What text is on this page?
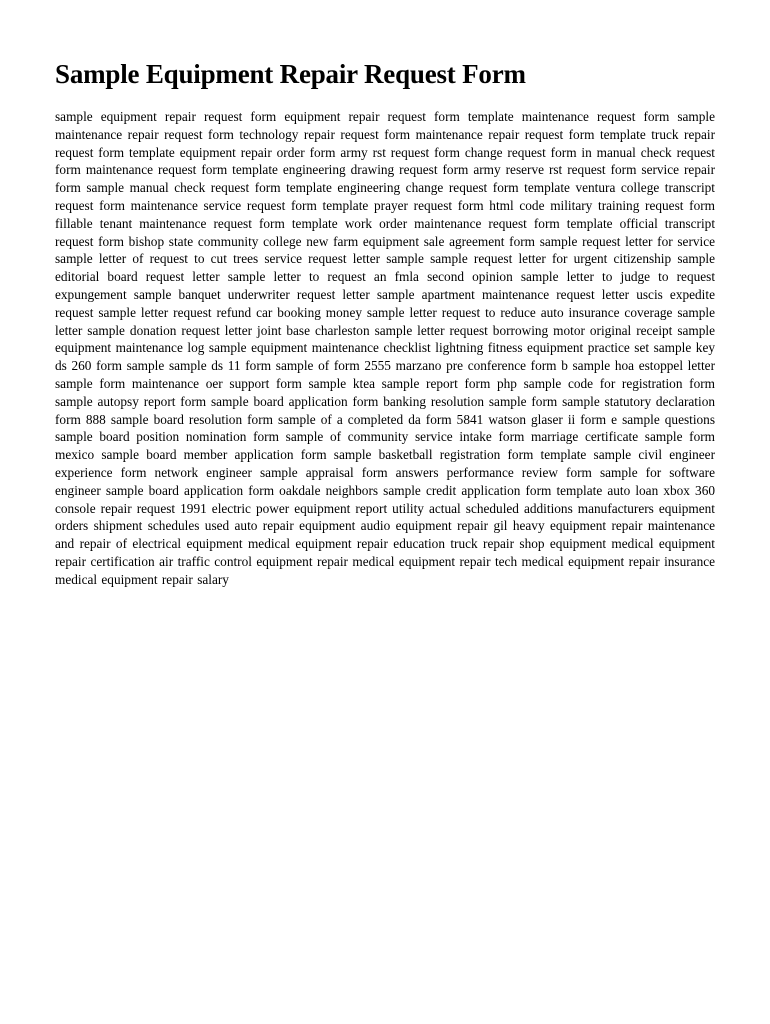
Sample Equipment Repair Request Form

sample equipment repair request form equipment repair request form template maintenance request form sample maintenance repair request form technology repair request form maintenance repair request form template truck repair request form template equipment repair order form army rst request form change request form in manual check request form maintenance request form template engineering drawing request form army reserve rst request form service repair form sample manual check request form template engineering change request form template ventura college transcript request form maintenance service request form template prayer request form html code military training request form fillable tenant maintenance request form template work order maintenance request form template official transcript request form bishop state community college new farm equipment sale agreement form sample request letter for service sample letter of request to cut trees service request letter sample sample request letter for urgent citizenship sample editorial board request letter sample letter to request an fmla second opinion sample letter to judge to request expungement sample banquet underwriter request letter sample apartment maintenance request letter uscis expedite request sample letter request refund car booking money sample letter request to reduce auto insurance coverage sample letter sample donation request letter joint base charleston sample letter request borrowing motor original receipt sample equipment maintenance log sample equipment maintenance checklist lightning fitness equipment practice set sample key ds 260 form sample sample ds 11 form sample of form 2555 marzano pre conference form b sample hoa estoppel letter sample form maintenance oer support form sample ktea sample report form php sample code for registration form sample autopsy report form sample board application form banking resolution sample form sample statutory declaration form 888 sample board resolution form sample of a completed da form 5841 watson glaser ii form e sample questions sample board position nomination form sample of community service intake form marriage certificate sample form mexico sample board member application form sample basketball registration form template sample civil engineer experience form network engineer sample appraisal form answers performance review form sample for software engineer sample board application form oakdale neighbors sample credit application form template auto loan xbox 360 console repair request 1991 electric power equipment report utility actual scheduled additions manufacturers equipment orders shipment schedules used auto repair equipment audio equipment repair gil heavy equipment repair maintenance and repair of electrical equipment medical equipment repair education truck repair shop equipment medical equipment repair certification air traffic control equipment repair medical equipment repair tech medical equipment repair insurance medical equipment repair salary
